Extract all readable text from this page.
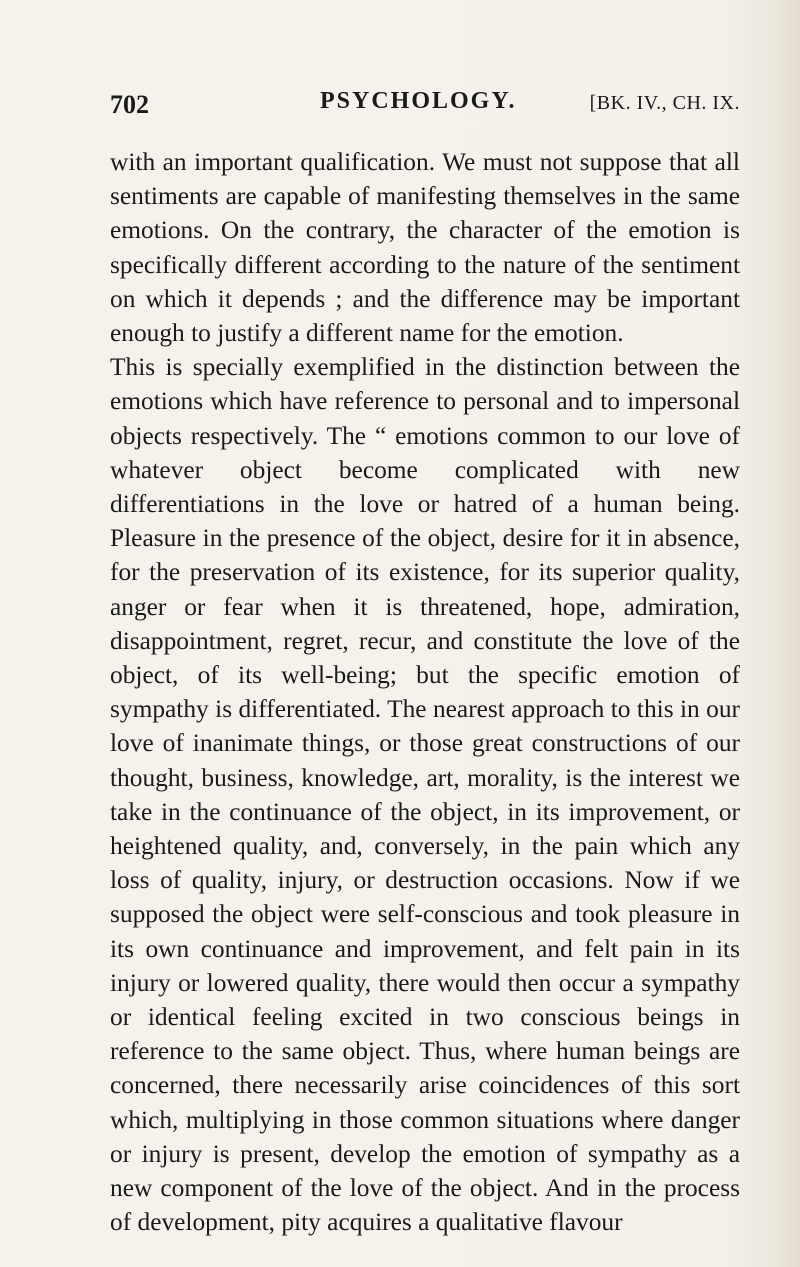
702	PSYCHOLOGY.	[BK. IV., CH. IX.

with an important qualification. We must not suppose that all sentiments are capable of manifesting themselves in the same emotions. On the contrary, the character of the emotion is specifically different according to the nature of the sentiment on which it depends ; and the difference may be important enough to justify a different name for the emotion.

This is specially exemplified in the distinction between the emotions which have reference to personal and to impersonal objects respectively. The “ emotions common to our love of whatever object become complicated with new differentiations in the love or hatred of a human being. Pleasure in the presence of the object, desire for it in absence, for the preservation of its existence, for its superior quality, anger or fear when it is threatened, hope, admiration, disappointment, regret, recur, and constitute the love of the object, of its well-being; but the specific emotion of sympathy is differentiated. The nearest approach to this in our love of inanimate things, or those great constructions of our thought, business, knowledge, art, morality, is the interest we take in the continuance of the object, in its improvement, or heightened quality, and, conversely, in the pain which any loss of quality, injury, or destruction occasions. Now if we supposed the object were self-conscious and took pleasure in its own continuance and improvement, and felt pain in its injury or lowered quality, there would then occur a sympathy or identical feeling excited in two conscious beings in reference to the same object. Thus, where human beings are concerned, there necessarily arise coincidences of this sort which, multiplying in those common situations where danger or injury is present, develop the emotion of sympathy as a new component of the love of the object. And in the process of development, pity acquires a qualitative flavour
